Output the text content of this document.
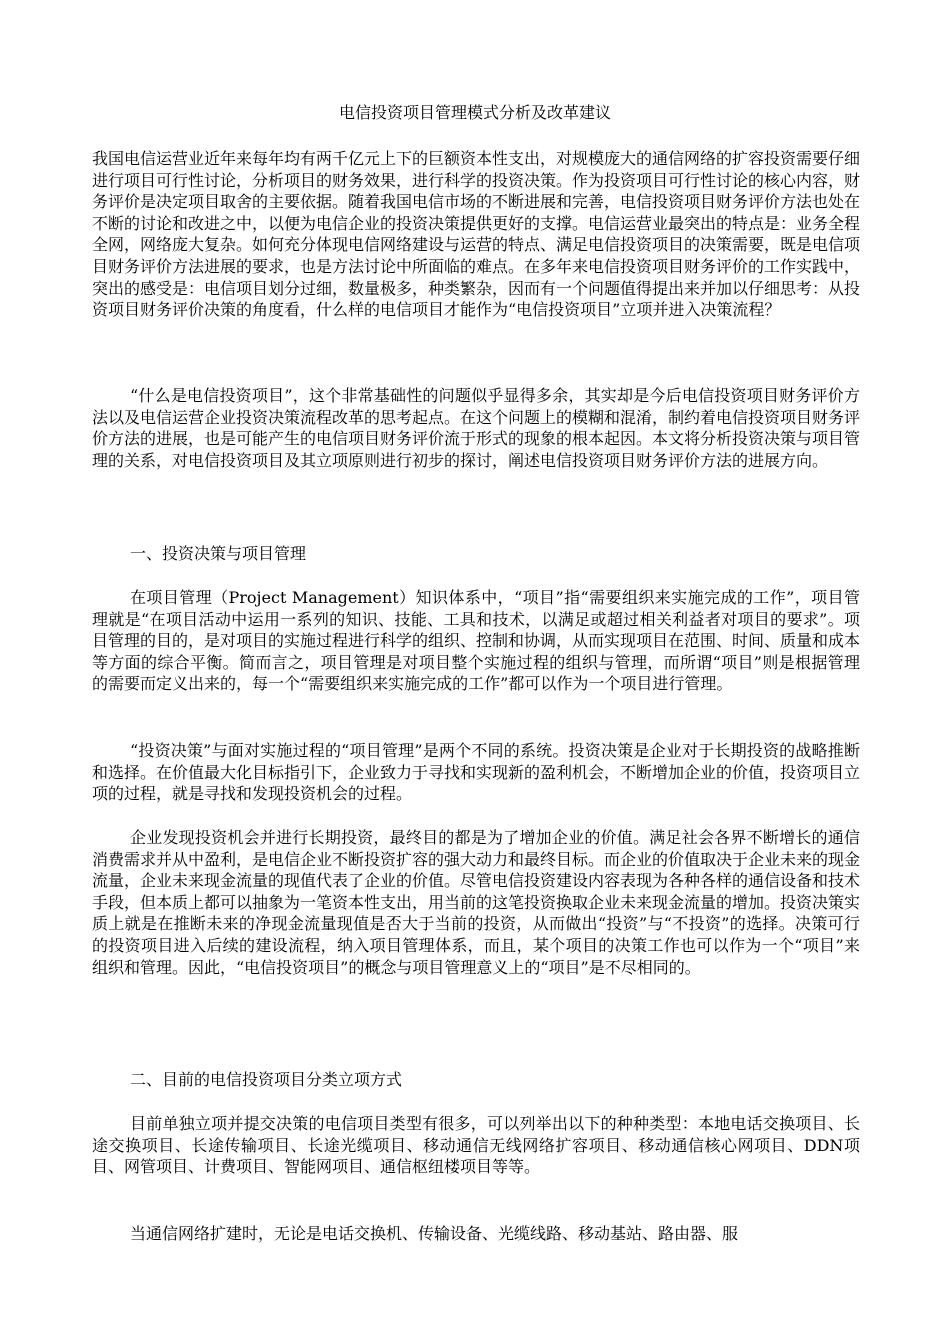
电信投资项目管理模式分析及改革建议

我国电信运营业近年来每年均有两千亿元上下的巨额资本性支出，对规模庞大的通信网络的扩容投资需要仔细进行项目可行性讨论，分析项目的财务效果，进行科学的投资决策。作为投资项目可行性讨论的核心内容，财务评价是决定项目取舍的主要依据。随着我国电信市场的不断进展和完善，电信投资项目财务评价方法也处在不断的讨论和改进之中，以便为电信企业的投资决策提供更好的支撑。电信运营业最突出的特点是：业务全程全网，网络庞大复杂。如何充分体现电信网络建设与运营的特点、满足电信投资项目的决策需要，既是电信项目财务评价方法进展的要求，也是方法讨论中所面临的难点。在多年来电信投资项目财务评价的工作实践中，突出的感受是：电信项目划分过细，数量极多，种类繁杂，因而有一个问题值得提出来并加以仔细思考：从投资项目财务评价决策的角度看，什么样的电信项目才能作为“电信投资项目”立项并进入决策流程？

“什么是电信投资项目”，这个非常基础性的问题似乎显得多余，其实却是今后电信投资项目财务评价方法以及电信运营企业投资决策流程改革的思考起点。在这个问题上的模糊和混淆，制约着电信投资项目财务评价方法的进展，也是可能产生的电信项目财务评价流于形式的现象的根本起因。本文将分析投资决策与项目管理的关系，对电信投资项目及其立项原则进行初步的探讨，阐述电信投资项目财务评价方法的进展方向。

一、投资决策与项目管理

在项目管理（Project Management）知识体系中，“项目”指“需要组织来实施完成的工作”，项目管理就是“在项目活动中运用一系列的知识、技能、工具和技术，以满足或超过相关利益者对项目的要求”。项目管理的目的，是对项目的实施过程进行科学的组织、控制和协调，从而实现项目在范围、时间、质量和成本等方面的综合平衡。简而言之，项目管理是对项目整个实施过程的组织与管理，而所谓“项目”则是根据管理的需要而定义出来的，每一个“需要组织来实施完成的工作”都可以作为一个项目进行管理。

“投资决策”与面对实施过程的“项目管理”是两个不同的系统。投资决策是企业对于长期投资的战略推断和选择。在价值最大化目标指引下，企业致力于寻找和实现新的盈利机会，不断增加企业的价值，投资项目立项的过程，就是寻找和发现投资机会的过程。

企业发现投资机会并进行长期投资，最终目的都是为了增加企业的价值。满足社会各界不断增长的通信消费需求并从中盈利，是电信企业不断投资扩容的强大动力和最终目标。而企业的价值取决于企业未来的现金流量，企业未来现金流量的现值代表了企业的价值。尽管电信投资建设内容表现为各种各样的通信设备和技术手段，但本质上都可以抽象为一笔资本性支出，用当前的这笔投资换取企业未来现金流量的增加。投资决策实质上就是在推断未来的净现金流量现值是否大于当前的投资，从而做出“投资”与“不投资”的选择。决策可行的投资项目进入后续的建设流程，纳入项目管理体系，而且，某个项目的决策工作也可以作为一个“项目”来组织和管理。因此，“电信投资项目”的概念与项目管理意义上的“项目”是不尽相同的。

二、目前的电信投资项目分类立项方式

目前单独立项并提交决策的电信项目类型有很多，可以列举出以下的种种类型：本地电话交换项目、长途交换项目、长途传输项目、长途光缆项目、移动通信无线网络扩容项目、移动通信核心网项目、DDN项目、网管项目、计费项目、智能网项目、通信枢纽楼项目等等。

当通信网络扩建时，无论是电话交换机、传输设备、光缆线路、移动基站、路由器、服
